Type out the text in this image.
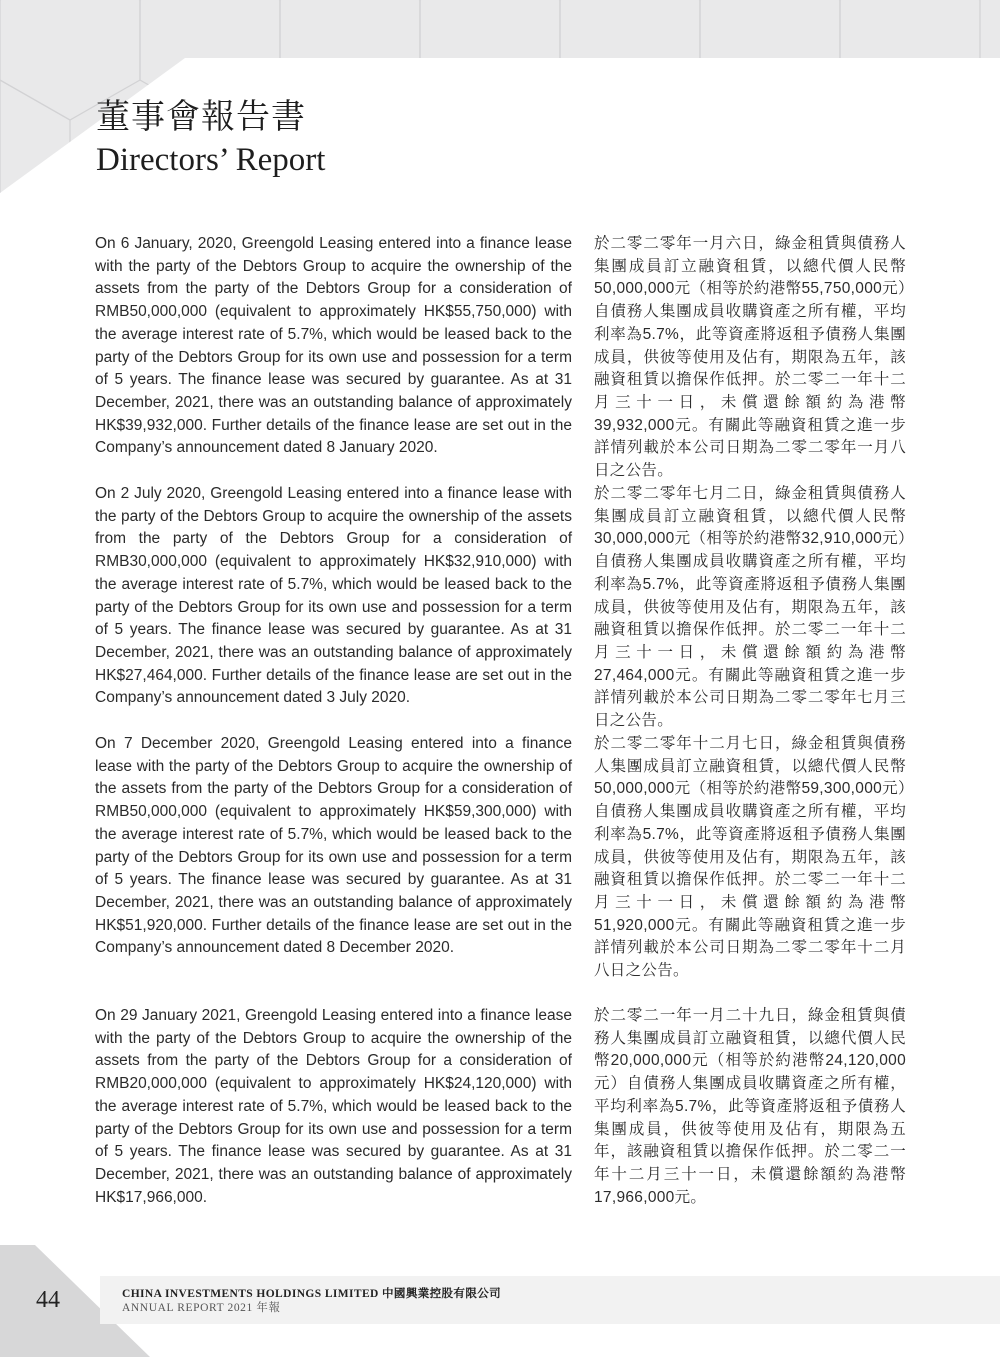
董事會報告書
Directors’ Report

On 6 January, 2020, Greengold Leasing entered into a finance lease with the party of the Debtors Group to acquire the ownership of the assets from the party of the Debtors Group for a consideration of RMB50,000,000 (equivalent to approximately HK$55,750,000) with the average interest rate of 5.7%, which would be leased back to the party of the Debtors Group for its own use and possession for a term of 5 years. The finance lease was secured by guarantee. As at 31 December, 2021, there was an outstanding balance of approximately HK$39,932,000. Further details of the finance lease are set out in the Company’s announcement dated 8 January 2020.

On 2 July 2020, Greengold Leasing entered into a finance lease with the party of the Debtors Group to acquire the ownership of the assets from the party of the Debtors Group for a consideration of RMB30,000,000 (equivalent to approximately HK$32,910,000) with the average interest rate of 5.7%, which would be leased back to the party of the Debtors Group for its own use and possession for a term of 5 years. The finance lease was secured by guarantee. As at 31 December, 2021, there was an outstanding balance of approximately HK$27,464,000. Further details of the finance lease are set out in the Company’s announcement dated 3 July 2020.

On 7 December 2020, Greengold Leasing entered into a finance lease with the party of the Debtors Group to acquire the ownership of the assets from the party of the Debtors Group for a consideration of RMB50,000,000 (equivalent to approximately HK$59,300,000) with the average interest rate of 5.7%, which would be leased back to the party of the Debtors Group for its own use and possession for a term of 5 years. The finance lease was secured by guarantee. As at 31 December, 2021, there was an outstanding balance of approximately HK$51,920,000. Further details of the finance lease are set out in the Company’s announcement dated 8 December 2020.

On 29 January 2021, Greengold Leasing entered into a finance lease with the party of the Debtors Group to acquire the ownership of the assets from the party of the Debtors Group for a consideration of RMB20,000,000 (equivalent to approximately HK$24,120,000) with the average interest rate of 5.7%, which would be leased back to the party of the Debtors Group for its own use and possession for a term of 5 years. The finance lease was secured by guarantee. As at 31 December, 2021, there was an outstanding balance of approximately HK$17,966,000.

於二零二零年一月六日，綠金租賃與債務人集團成員訂立融資租賃，以總代價人民幣50,000,000元（相等於約港幣55,750,000元）自債務人集團成員收購資產之所有權，平均利率為5.7%，此等資產將返租予債務人集團成員，供彼等使用及佔有，期限為五年，該融資租賃以擔保作低押。於二零二一年十二月三十一日，未償還餘額約為港幣39,932,000元。有關此等融資租賃之進一步詳情列載於本公司日期為二零二零年一月八日之公告。

於二零二零年七月二日，綠金租賃與債務人集團成員訂立融資租賃，以總代價人民幣30,000,000元（相等於約港幣32,910,000元）自債務人集團成員收購資產之所有權，平均利率為5.7%，此等資產將返租予債務人集團成員，供彼等使用及佔有，期限為五年，該融資租賃以擔保作低押。於二零二一年十二月三十一日，未償還餘額約為港幣27,464,000元。有關此等融資租賃之進一步詳情列載於本公司日期為二零二零年七月三日之公告。

於二零二零年十二月七日，綠金租賃與債務人集團成員訂立融資租賃，以總代價人民幣50,000,000元（相等於約港幣59,300,000元）自債務人集團成員收購資產之所有權，平均利率為5.7%，此等資產將返租予債務人集團成員，供彼等使用及佔有，期限為五年，該融資租賃以擔保作低押。於二零二一年十二月三十一日，未償還餘額約為港幣51,920,000元。有關此等融資租賃之進一步詳情列載於本公司日期為二零二零年十二月八日之公告。

於二零二一年一月二十九日，綠金租賃與債務人集團成員訂立融資租賃，以總代價人民幣20,000,000元（相等於約港幣24,120,000元）自債務人集團成員收購資產之所有權，平均利率為5.7%，此等資產將返租予債務人集團成員，供彼等使用及佔有，期限為五年，該融資租賃以擔保作低押。於二零二一年十二月三十一日，未償還餘額約為港幣17,966,000元。

44	CHINA INVESTMENTS HOLDINGS LIMITED 中國興業控股有限公司
ANNUAL REPORT 2021 年報
